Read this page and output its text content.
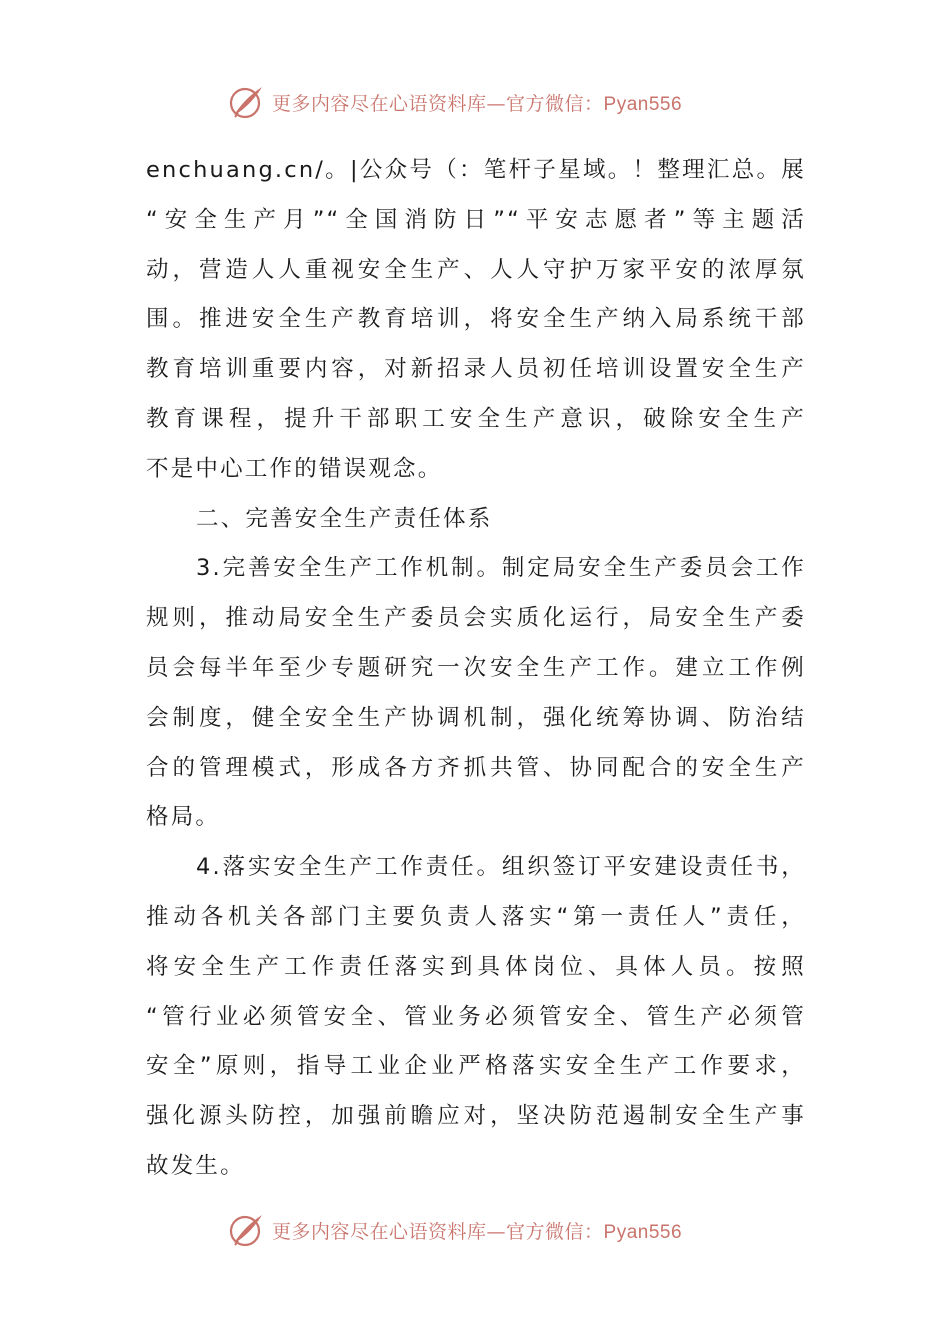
更多内容尽在心语资料库—官方微信：Pyan556
enchuang.cn/。|公众号（：笔杆子星域。！整理汇总。展
“安全生产月”“全国消防日”“平安志愿者”等主题活
动，营造人人重视安全生产、人人守护万家平安的浓厚氛
围。推进安全生产教育培训，将安全生产纳入局系统干部
教育培训重要内容，对新招录人员初任培训设置安全生产
教育课程，提升干部职工安全生产意识，破除安全生产
不是中心工作的错误观念。
二、完善安全生产责任体系
3.完善安全生产工作机制。制定局安全生产委员会工作
规则，推动局安全生产委员会实质化运行，局安全生产委
员会每半年至少专题研究一次安全生产工作。建立工作例
会制度，健全安全生产协调机制，强化统筹协调、防治结
合的管理模式，形成各方齐抓共管、协同配合的安全生产
格局。
4.落实安全生产工作责任。组织签订平安建设责任书，
推动各机关各部门主要负责人落实“第一责任人”责任，
将安全生产工作责任落实到具体岗位、具体人员。按照
“管行业必须管安全、管业务必须管安全、管生产必须管
安全”原则，指导工业企业严格落实安全生产工作要求，
强化源头防控，加强前瞻应对，坚决防范遏制安全生产事
故发生。
更多内容尽在心语资料库—官方微信：Pyan556
